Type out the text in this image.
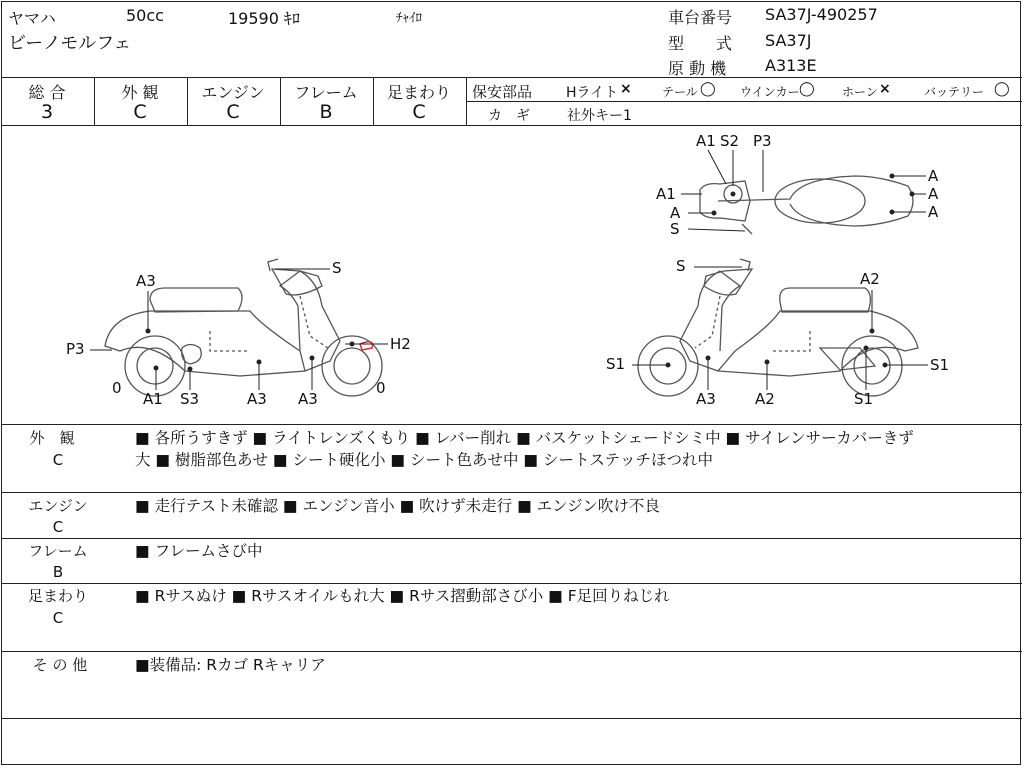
ヤマハ	50cc	19590 ｷﾛ	ﾁｬｲﾛ
ビーノモルフェ
車台番号 SA37J-490257
型　　式 SA37J
原 動 機 A313E
総 合
3
外 観
C
エンジン
C
フレーム
B
足まわり
C
保安部品 Hライト ×	テール ◯ ウインカー ◯ ホーン ×	バッテリー ◯
カ　ギ	社外キー1
A1 S2 P3
A1
A
S
A
A
A
S
A3
P3	H2
0
A1 S3	A3 A3
0
S
A2
S1	S1
A3	A2	S1
外　観
C
■ 各所うすきず ■ ライトレンズくもり ■ レバー削れ ■ バスケットシェードシミ中 ■ サイレンサーカバーきず
大 ■ 樹脂部色あせ ■ シート硬化小 ■ シート色あせ中 ■ シートステッチほつれ中
エンジン
C
■ 走行テスト未確認 ■ エンジン音小 ■ 吹けず未走行 ■ エンジン吹け不良
フレーム
B
■ フレームさび中
足まわり
C
■ Rサスぬけ ■ Rサスオイルもれ大 ■ Rサス摺動部さび小 ■ F足回りねじれ
そ の 他	■装備品: Rカゴ Rキャリア
